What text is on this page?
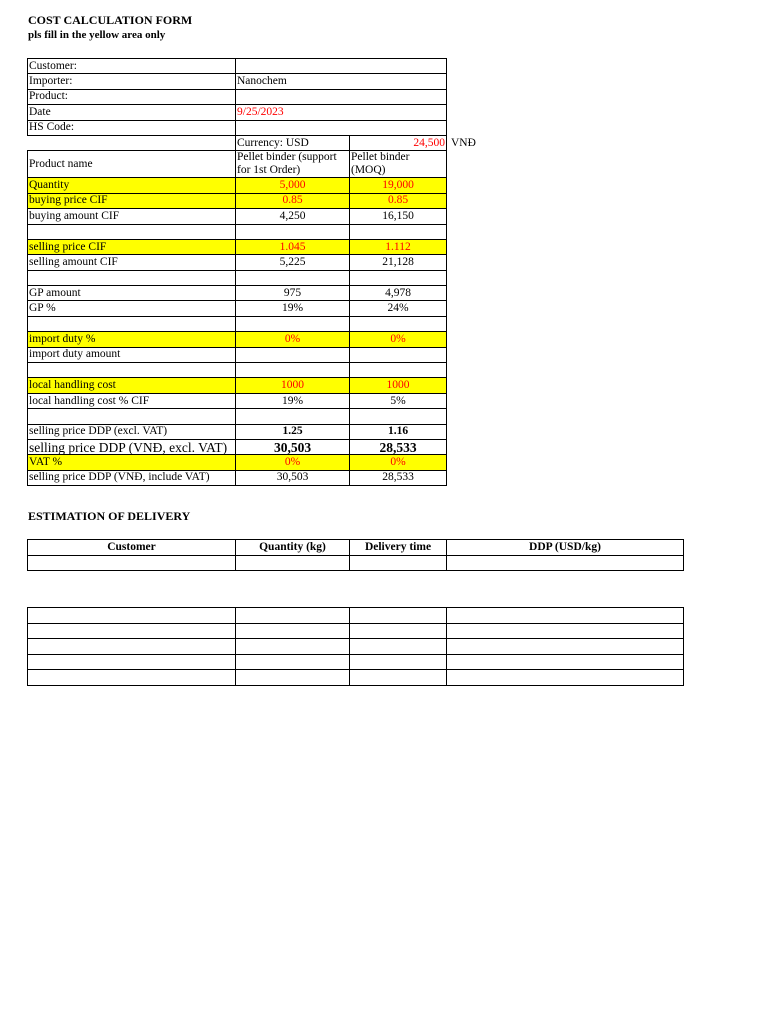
COST CALCULATION FORM
pls fill in the yellow area only
Customer:			
Importer:	Nanochem		
Product:			
Date	9/25/2023		
HS Code:			
	Currency: USD	24,500	VNĐ
Product name	Pellet binder (support for 1st Order)	Pellet binder (MOQ)	
Quantity	5,000	19,000	
buying price CIF	0.85	0.85	
buying amount CIF	4,250	16,150	

selling price CIF	1.045	1.112	
selling amount CIF	5,225	21,128	

GP amount	975	4,978	
GP %	19%	24%	

import duty %	0%	0%	
import duty amount			

local handling cost	1000	1000	
local handling cost % CIF	19%	5%	

selling price DDP (excl. VAT)	1.25	1.16	
selling price DDP (VNĐ, excl. VAT)	30,503	28,533	
VAT %	0%	0%	
selling price DDP (VNĐ, include VAT)	30,503	28,533	
ESTIMATION OF DELIVERY
Customer	Quantity (kg)	Delivery time	DDP (USD/kg)
